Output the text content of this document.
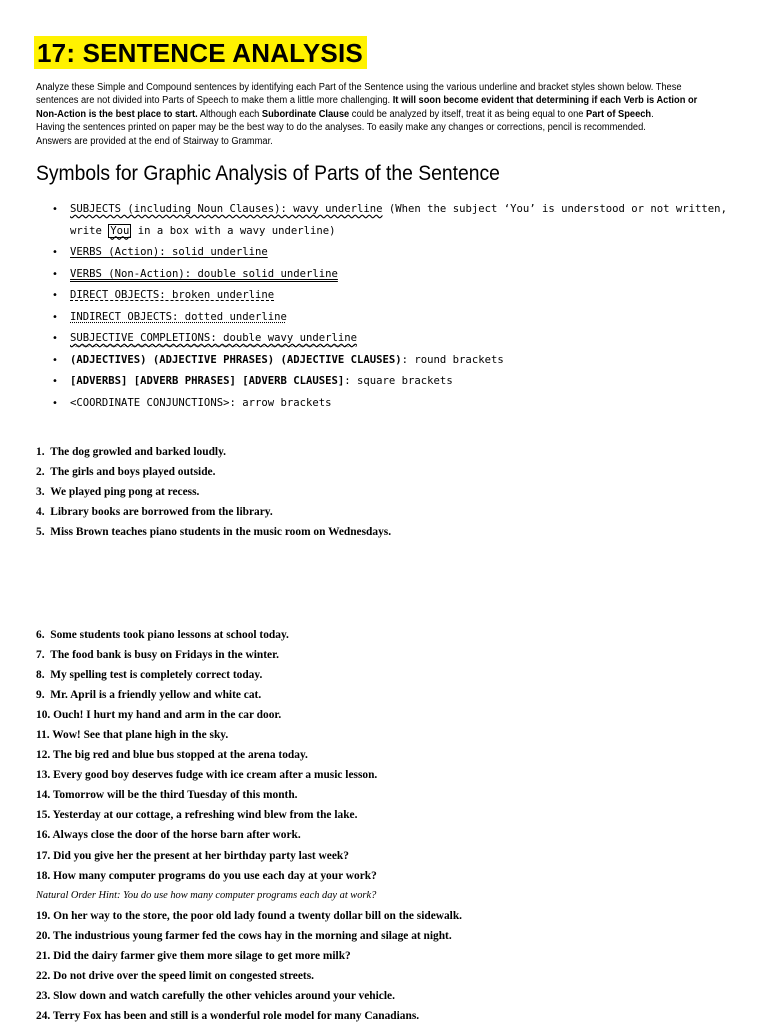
17: SENTENCE ANALYSIS

Analyze these Simple and Compound sentences by identifying each Part of the Sentence using the various underline and bracket styles shown below. These

sentences are not divided into Parts of Speech to make them a little more challenging. It will soon become evident that determining if each Verb is Action or

Non-Action is the best place to start. Although each Subordinate Clause could be analyzed by itself, treat it as being equal to one Part of Speech.

Having the sentences printed on paper may be the best way to do the analyses. To easily make any changes or corrections, pencil is recommended.

Answers are provided at the end of Stairway to Grammar.

Symbols for Graphic Analysis of Parts of the Sentence
• SUBJECTS (including Noun Clauses): wavy underline (When the subject ‘You’ is understood or not written,
write You in a box with a wavy underline)
• VERBS (Action): solid underline
• VERBS (Non-Action): double solid underline
• DIRECT OBJECTS: broken underline
• INDIRECT OBJECTS: dotted underline
• SUBJECTIVE COMPLETIONS: double wavy underline
• (ADJECTIVES) (ADJECTIVE PHRASES) (ADJECTIVE CLAUSES): round brackets
• [ADVERBS] [ADVERB PHRASES] [ADVERB CLAUSES]: square brackets
• <COORDINATE CONJUNCTIONS>: arrow brackets
1.  The dog growled and barked loudly.
2.  The girls and boys played outside.
3.  We played ping pong at recess.
4.  Library books are borrowed from the library.
5.  Miss Brown teaches piano students in the music room on Wednesdays.
6.  Some students took piano lessons at school today.
7.  The food bank is busy on Fridays in the winter.
8.  My spelling test is completely correct today.
9.  Mr. April is a friendly yellow and white cat.
10. Ouch! I hurt my hand and arm in the car door.
11. Wow! See that plane high in the sky.
12. The big red and blue bus stopped at the arena today.
13. Every good boy deserves fudge with ice cream after a music lesson.
14. Tomorrow will be the third Tuesday of this month.
15. Yesterday at our cottage, a refreshing wind blew from the lake.
16. Always close the door of the horse barn after work.
17. Did you give her the present at her birthday party last week?
18. How many computer programs do you use each day at your work?
Natural Order Hint: You do use how many computer programs each day at work?
19. On her way to the store, the poor old lady found a twenty dollar bill on the sidewalk.
20. The industrious young farmer fed the cows hay in the morning and silage at night.
21. Did the dairy farmer give them more silage to get more milk?
22. Do not drive over the speed limit on congested streets.
23. Slow down and watch carefully the other vehicles around your vehicle.
24. Terry Fox has been and still is a wonderful role model for many Canadians.
